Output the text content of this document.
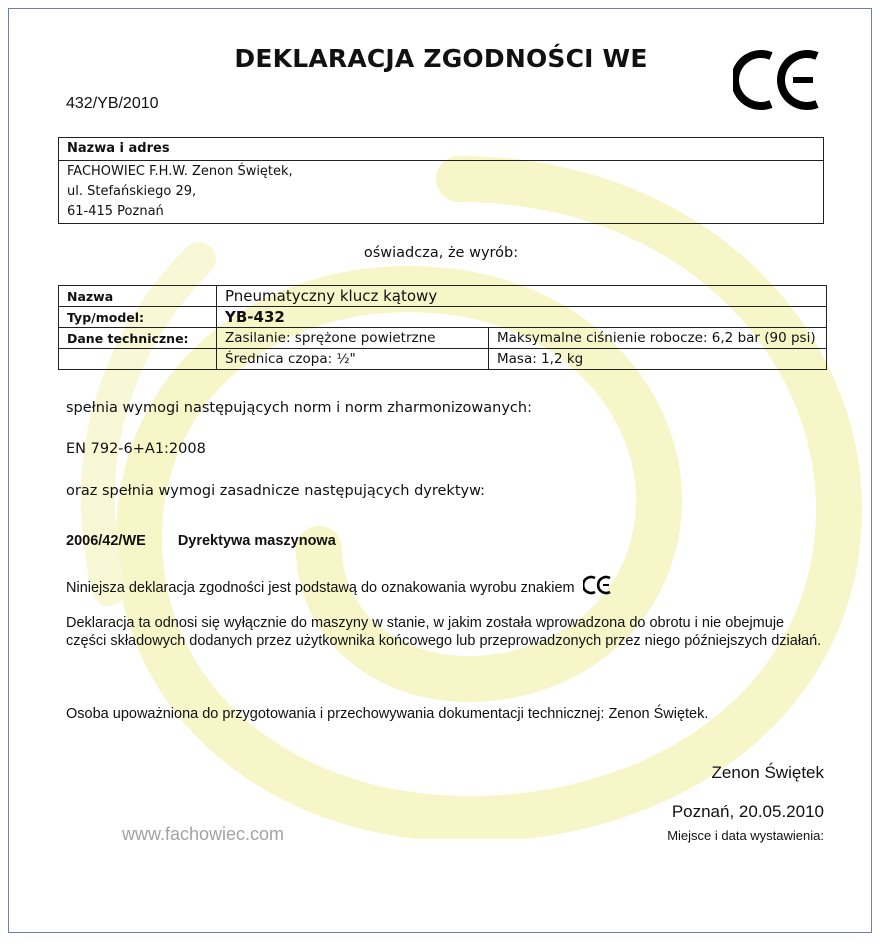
DEKLARACJA ZGODNOŚCI WE
432/YB/2010
Nazwa i adres

FACHOWIEC F.H.W. Zenon Świętek,
ul. Stefańskiego 29,
61-415 Poznań
oświadcza, że wyrób:
Nazwa	Pneumatyczny klucz kątowy	
Typ/model:	YB-432	
Dane techniczne:	Zasilanie: sprężone powietrzne	Maksymalne ciśnienie robocze: 6,2 bar (90 psi)
	Średnica czopa: ½"	Masa: 1,2 kg
spełnia wymogi następujących norm i norm zharmonizowanych:
EN 792-6+A1:2008
oraz spełnia wymogi zasadnicze następujących dyrektyw:
2006/42/WE Dyrektywa maszynowa
Niniejsza deklaracja zgodności jest podstawą do oznakowania wyrobu znakiem
Deklaracja ta odnosi się wyłącznie do maszyny w stanie, w jakim została wprowadzona do obrotu i nie obejmuje części składowych dodanych przez użytkownika końcowego lub przeprowadzonych przez niego późniejszych działań.
Osoba upoważniona do przygotowania i przechowywania dokumentacji technicznej: Zenon Świętek.
Zenon Świętek
Poznań, 20.05.2010
Miejsce i data wystawienia:
www.fachowiec.com
